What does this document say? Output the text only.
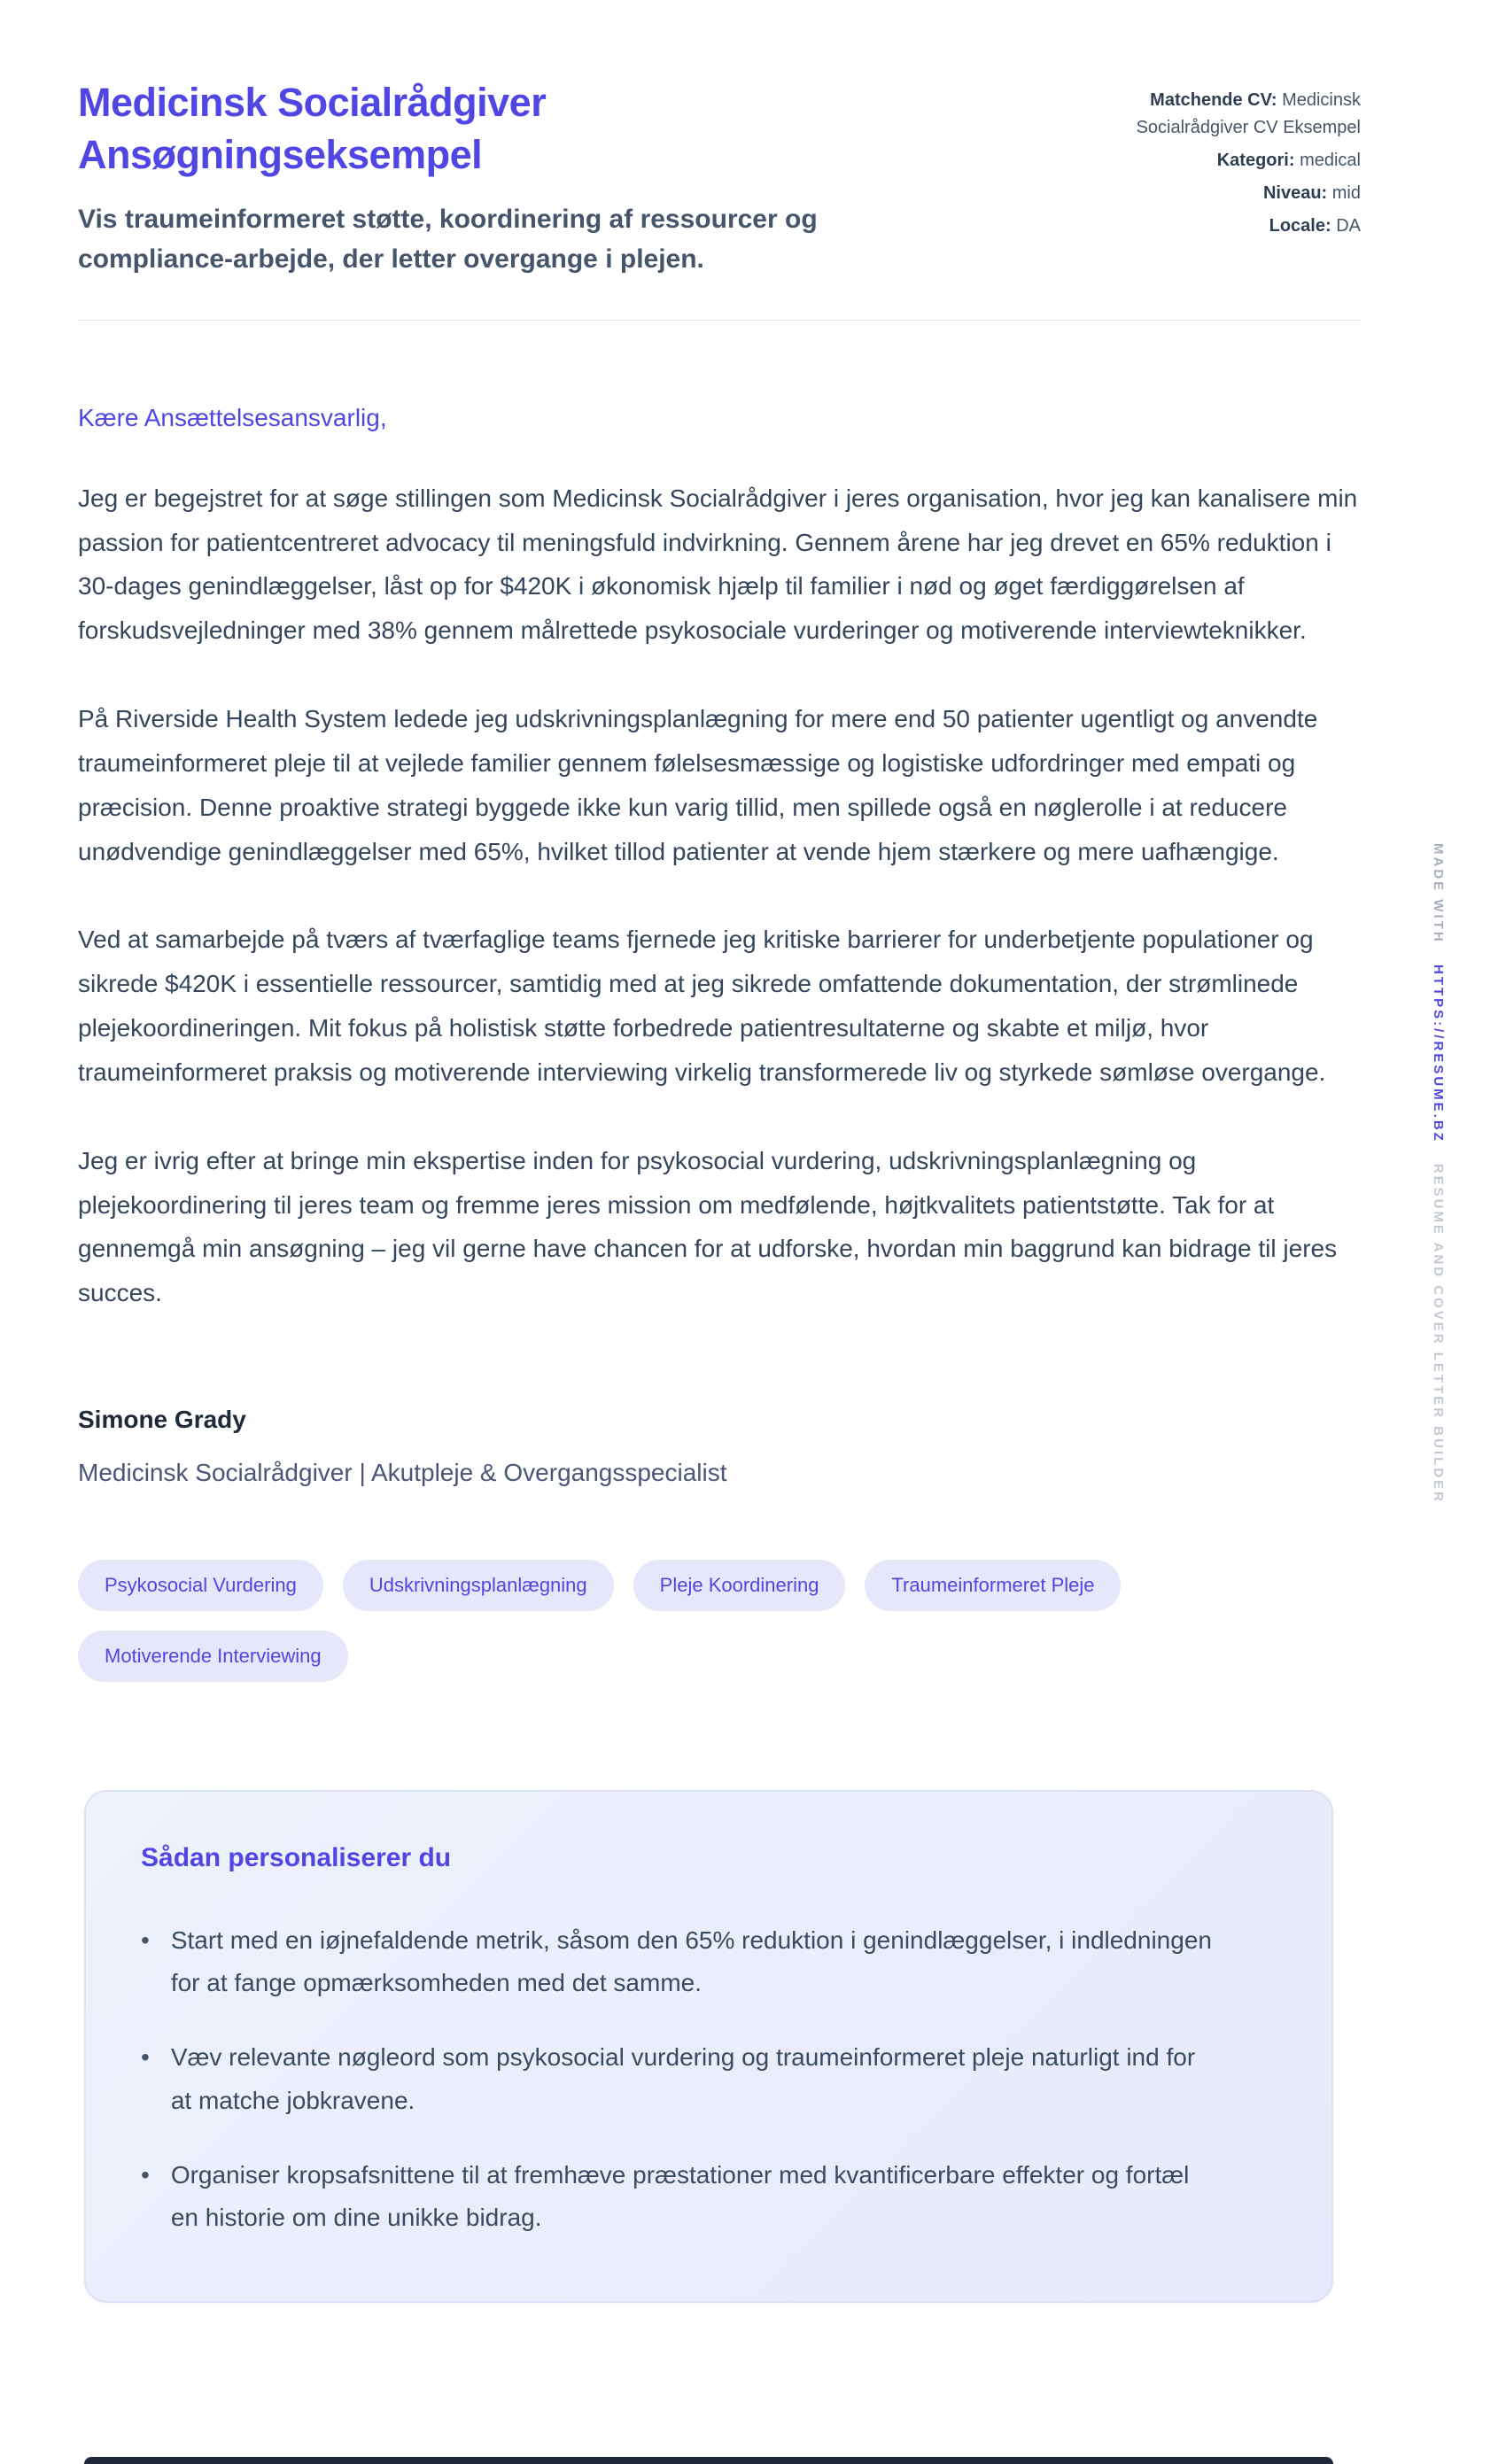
Medicinsk Socialrådgiver Ansøgningseksempel
Vis traumeinformeret støtte, koordinering af ressourcer og compliance-arbejde, der letter overgange i plejen.
Matchende CV: Medicinsk Socialrådgiver CV Eksempel
Kategori: medical
Niveau: mid
Locale: DA
Kære Ansættelsesansvarlig,

Jeg er begejstret for at søge stillingen som Medicinsk Socialrådgiver i jeres organisation, hvor jeg kan kanalisere min passion for patientcentreret advocacy til meningsfuld indvirkning. Gennem årene har jeg drevet en 65% reduktion i 30-dages genindlæggelser, låst op for $420K i økonomisk hjælp til familier i nød og øget færdiggørelsen af forskudsvejledninger med 38% gennem målrettede psykosociale vurderinger og motiverende interviewteknikker.

På Riverside Health System ledede jeg udskrivningsplanlægning for mere end 50 patienter ugentligt og anvendte traumeinformeret pleje til at vejlede familier gennem følelsesmæssige og logistiske udfordringer med empati og præcision. Denne proaktive strategi byggede ikke kun varig tillid, men spillede også en nøglerolle i at reducere unødvendige genindlæggelser med 65%, hvilket tillod patienter at vende hjem stærkere og mere uafhængige.

Ved at samarbejde på tværs af tværfaglige teams fjernede jeg kritiske barrierer for underbetjente populationer og sikrede $420K i essentielle ressourcer, samtidig med at jeg sikrede omfattende dokumentation, der strømlinede plejekoordineringen. Mit fokus på holistisk støtte forbedrede patientresultaterne og skabte et miljø, hvor traumeinformeret praksis og motiverende interviewing virkelig transformerede liv og styrkede sømløse overgange.

Jeg er ivrig efter at bringe min ekspertise inden for psykosocial vurdering, udskrivningsplanlægning og plejekoordinering til jeres team og fremme jeres mission om medfølende, højtkvalitets patientstøtte. Tak for at gennemgå min ansøgning – jeg vil gerne have chancen for at udforske, hvordan min baggrund kan bidrage til jeres succes.

Simone Grady
Medicinsk Socialrådgiver | Akutpleje & Overgangsspecialist
Psykosocial Vurdering	Udskrivningsplanlægning	Pleje Koordinering	Traumeinformeret Pleje
Motiverende Interviewing
Sådan personaliserer du
• Start med en iøjnefaldende metrik, såsom den 65% reduktion i genindlæggelser, i indledningen for at fange opmærksomheden med det samme.
• Væv relevante nøgleord som psykosocial vurdering og traumeinformeret pleje naturligt ind for at matche jobkravene.
• Organiser kropsafsnittene til at fremhæve præstationer med kvantificerbare effekter og fortæl en historie om dine unikke bidrag.
MADE WITH HTTPS://RESUME.BZ RESUME AND COVER LETTER BUILDER
